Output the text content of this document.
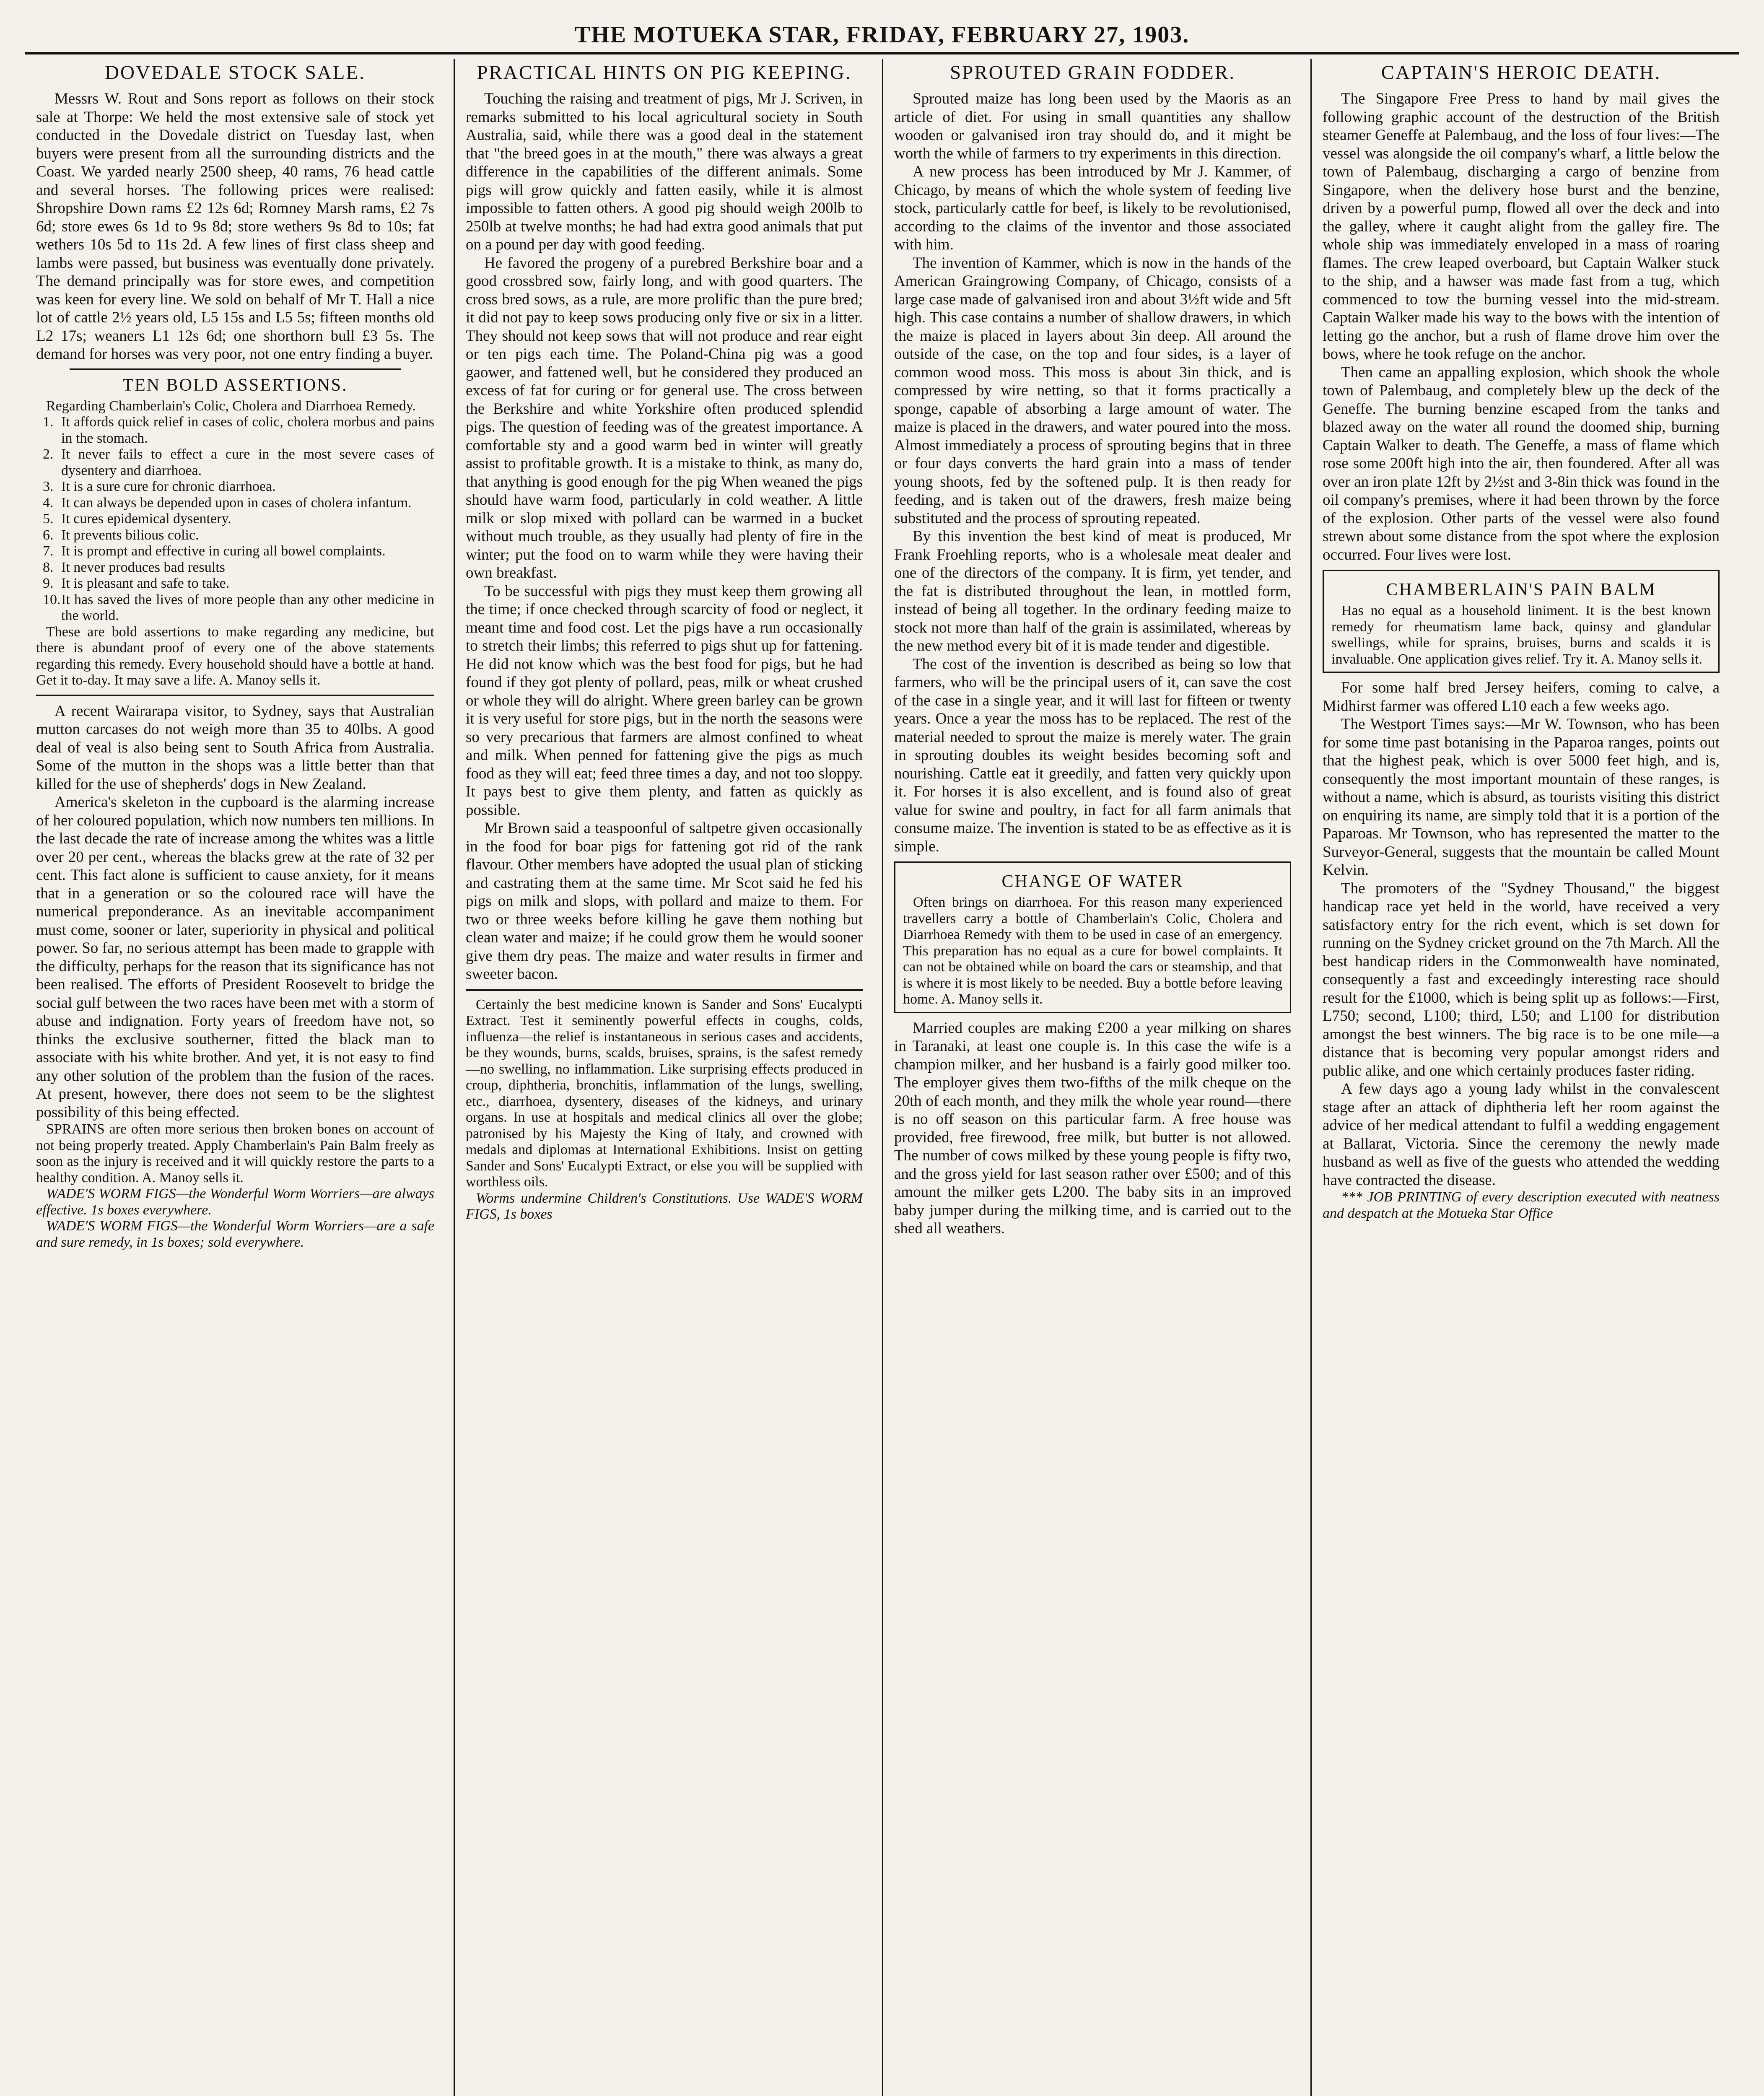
THE MOTUEKA STAR, FRIDAY, FEBRUARY 27, 1903.
DOVEDALE STOCK SALE.

Messrs W. Rout and Sons report as follows on their stock sale at Thorpe: We held the most extensive sale of stock yet conducted in the Dovedale district on Tuesday last, when buyers were present from all the surrounding districts and the Coast. We yarded nearly 2500 sheep, 40 rams, 76 head cattle and several horses. The following prices were realised: Shropshire Down rams £2 12s 6d; Romney Marsh rams, £2 7s 6d; store ewes 6s 1d to 9s 8d; store wethers 9s 8d to 10s; fat wethers 10s 5d to 11s 2d. A few lines of first class sheep and lambs were passed, but business was eventually done privately. The demand principally was for store ewes, and competition was keen for every line. We sold on behalf of Mr T. Hall a nice lot of cattle 2½ years old, L5 15s and L5 5s; fifteen months old L2 17s; weaners L1 12s 6d; one shorthorn bull £3 5s. The demand for horses was very poor, not one entry finding a buyer.

TEN BOLD ASSERTIONS.

Regarding Chamberlain's Colic, Cholera and Diarrhoea Remedy.

1. It affords quick relief in cases of colic, cholera morbus and pains in the stomach.

2. It never fails to effect a cure in the most severe cases of dysentery and diarrhoea.

3. It is a sure cure for chronic diarrhoea.

4. It can always be depended upon in cases of cholera infantum.

5. It cures epidemical dysentery.

6. It prevents bilious colic.

7. It is prompt and effective in curing all bowel complaints.

8. It never produces bad results

9. It is pleasant and safe to take.

10. It has saved the lives of more people than any other medicine in the world.

These are bold assertions to make regarding any medicine, but there is abundant proof of every one of the above statements regarding this remedy. Every household should have a bottle at hand. Get it to-day. It may save a life. A. Manoy sells it.

A recent Wairarapa visitor, to Sydney, says that Australian mutton carcases do not weigh more than 35 to 40lbs. A good deal of veal is also being sent to South Africa from Australia. Some of the mutton in the shops was a little better than that killed for the use of shepherds' dogs in New Zealand.

America's skeleton in the cupboard is the alarming increase of her coloured population, which now numbers ten millions. In the last decade the rate of increase among the whites was a little over 20 per cent., whereas the blacks grew at the rate of 32 per cent. This fact alone is sufficient to cause anxiety, for it means that in a generation or so the coloured race will have the numerical preponderance. As an inevitable accompaniment must come, sooner or later, superiority in physical and political power. So far, no serious attempt has been made to grapple with the difficulty, perhaps for the reason that its significance has not been realised. The efforts of President Roosevelt to bridge the social gulf between the two races have been met with a storm of abuse and indignation. Forty years of freedom have not, so thinks the exclusive southerner, fitted the black man to associate with his white brother. And yet, it is not easy to find any other solution of the problem than the fusion of the races. At present, however, there does not seem to be the slightest possibility of this being effected.

SPRAINS are often more serious then broken bones on account of not being properly treated. Apply Chamberlain's Pain Balm freely as soon as the injury is received and it will quickly restore the parts to a healthy condition. A. Manoy sells it.

WADE'S WORM FIGS—the Wonderful Worm Worriers—are always effective. 1s boxes everywhere.

WADE'S WORM FIGS—the Wonderful Worm Worriers—are a safe and sure remedy, in 1s boxes; sold everywhere.

PRACTICAL HINTS ON PIG KEEPING.

Touching the raising and treatment of pigs, Mr J. Scriven, in remarks submitted to his local agricultural society in South Australia, said, while there was a good deal in the statement that "the breed goes in at the mouth," there was always a great difference in the capabilities of the different animals. Some pigs will grow quickly and fatten easily, while it is almost impossible to fatten others. A good pig should weigh 200lb to 250lb at twelve months; he had had extra good animals that put on a pound per day with good feeding.

He favored the progeny of a purebred Berkshire boar and a good crossbred sow, fairly long, and with good quarters. The cross bred sows, as a rule, are more prolific than the pure bred; it did not pay to keep sows producing only five or six in a litter. They should not keep sows that will not produce and rear eight or ten pigs each time. The Poland-China pig was a good gaower, and fattened well, but he considered they produced an excess of fat for curing or for general use. The cross between the Berkshire and white Yorkshire often produced splendid pigs. The question of feeding was of the greatest importance. A comfortable sty and a good warm bed in winter will greatly assist to profitable growth. It is a mistake to think, as many do, that anything is good enough for the pig When weaned the pigs should have warm food, particularly in cold weather. A little milk or slop mixed with pollard can be warmed in a bucket without much trouble, as they usually had plenty of fire in the winter; put the food on to warm while they were having their own breakfast.

To be successful with pigs they must keep them growing all the time; if once checked through scarcity of food or neglect, it meant time and food cost. Let the pigs have a run occasionally to stretch their limbs; this referred to pigs shut up for fattening. He did not know which was the best food for pigs, but he had found if they got plenty of pollard, peas, milk or wheat crushed or whole they will do alright. Where green barley can be grown it is very useful for store pigs, but in the north the seasons were so very precarious that farmers are almost confined to wheat and milk. When penned for fattening give the pigs as much food as they will eat; feed three times a day, and not too sloppy. It pays best to give them plenty, and fatten as quickly as possible.

Mr Brown said a teaspoonful of saltpetre given occasionally in the food for boar pigs for fattening got rid of the rank flavour. Other members have adopted the usual plan of sticking and castrating them at the same time. Mr Scot said he fed his pigs on milk and slops, with pollard and maize to them. For two or three weeks before killing he gave them nothing but clean water and maize; if he could grow them he would sooner give them dry peas. The maize and water results in firmer and sweeter bacon.

Certainly the best medicine known is Sander and Sons' Eucalypti Extract. Test it seminently powerful effects in coughs, colds, influenza—the relief is instantaneous in serious cases and accidents, be they wounds, burns, scalds, bruises, sprains, is the safest remedy—no swelling, no inflammation. Like surprising effects produced in croup, diphtheria, bronchitis, inflammation of the lungs, swelling, etc., diarrhoea, dysentery, diseases of the kidneys, and urinary organs. In use at hospitals and medical clinics all over the globe; patronised by his Majesty the King of Italy, and crowned with medals and diplomas at International Exhibitions. Insist on getting Sander and Sons' Eucalypti Extract, or else you will be supplied with worthless oils.

Worms undermine Children's Constitutions. Use WADE'S WORM FIGS, 1s boxes

SPROUTED GRAIN FODDER.

Sprouted maize has long been used by the Maoris as an article of diet. For using in small quantities any shallow wooden or galvanised iron tray should do, and it might be worth the while of farmers to try experiments in this direction.

A new process has been introduced by Mr J. Kammer, of Chicago, by means of which the whole system of feeding live stock, particularly cattle for beef, is likely to be revolutionised, according to the claims of the inventor and those associated with him.

The invention of Kammer, which is now in the hands of the American Graingrowing Company, of Chicago, consists of a large case made of galvanised iron and about 3½ft wide and 5ft high. This case contains a number of shallow drawers, in which the maize is placed in layers about 3in deep. All around the outside of the case, on the top and four sides, is a layer of common wood moss. This moss is about 3in thick, and is compressed by wire netting, so that it forms practically a sponge, capable of absorbing a large amount of water. The maize is placed in the drawers, and water poured into the moss. Almost immediately a process of sprouting begins that in three or four days converts the hard grain into a mass of tender young shoots, fed by the softened pulp. It is then ready for feeding, and is taken out of the drawers, fresh maize being substituted and the process of sprouting repeated.

By this invention the best kind of meat is produced, Mr Frank Froehling reports, who is a wholesale meat dealer and one of the directors of the company. It is firm, yet tender, and the fat is distributed throughout the lean, in mottled form, instead of being all together. In the ordinary feeding maize to stock not more than half of the grain is assimilated, whereas by the new method every bit of it is made tender and digestible.

The cost of the invention is described as being so low that farmers, who will be the principal users of it, can save the cost of the case in a single year, and it will last for fifteen or twenty years. Once a year the moss has to be replaced. The rest of the material needed to sprout the maize is merely water. The grain in sprouting doubles its weight besides becoming soft and nourishing. Cattle eat it greedily, and fatten very quickly upon it. For horses it is also excellent, and is found also of great value for swine and poultry, in fact for all farm animals that consume maize. The invention is stated to be as effective as it is simple.

CHANGE OF WATER

Often brings on diarrhoea. For this reason many experienced travellers carry a bottle of Chamberlain's Colic, Cholera and Diarrhoea Remedy with them to be used in case of an emergency. This preparation has no equal as a cure for bowel complaints. It can not be obtained while on board the cars or steamship, and that is where it is most likely to be needed. Buy a bottle before leaving home. A. Manoy sells it.

Married couples are making £200 a year milking on shares in Taranaki, at least one couple is. In this case the wife is a champion milker, and her husband is a fairly good milker too. The employer gives them two-fifths of the milk cheque on the 20th of each month, and they milk the whole year round—there is no off season on this particular farm. A free house was provided, free firewood, free milk, but butter is not allowed. The number of cows milked by these young people is fifty two, and the gross yield for last season rather over £500; and of this amount the milker gets L200. The baby sits in an improved baby jumper during the milking time, and is carried out to the shed all weathers.

CAPTAIN'S HEROIC DEATH.

The Singapore Free Press to hand by mail gives the following graphic account of the destruction of the British steamer Geneffe at Palembaug, and the loss of four lives:—The vessel was alongside the oil company's wharf, a little below the town of Palembaug, discharging a cargo of benzine from Singapore, when the delivery hose burst and the benzine, driven by a powerful pump, flowed all over the deck and into the galley, where it caught alight from the galley fire. The whole ship was immediately enveloped in a mass of roaring flames. The crew leaped overboard, but Captain Walker stuck to the ship, and a hawser was made fast from a tug, which commenced to tow the burning vessel into the mid-stream. Captain Walker made his way to the bows with the intention of letting go the anchor, but a rush of flame drove him over the bows, where he took refuge on the anchor.

Then came an appalling explosion, which shook the whole town of Palembaug, and completely blew up the deck of the Geneffe. The burning benzine escaped from the tanks and blazed away on the water all round the doomed ship, burning Captain Walker to death. The Geneffe, a mass of flame which rose some 200ft high into the air, then foundered. After all was over an iron plate 12ft by 2½st and 3-8in thick was found in the oil company's premises, where it had been thrown by the force of the explosion. Other parts of the vessel were also found strewn about some distance from the spot where the explosion occurred. Four lives were lost.

CHAMBERLAIN'S PAIN BALM

Has no equal as a household liniment. It is the best known remedy for rheumatism lame back, quinsy and glandular swellings, while for sprains, bruises, burns and scalds it is invaluable. One application gives relief. Try it. A. Manoy sells it.

For some half bred Jersey heifers, coming to calve, a Midhirst farmer was offered L10 each a few weeks ago.

The Westport Times says:—Mr W. Townson, who has been for some time past botanising in the Paparoa ranges, points out that the highest peak, which is over 5000 feet high, and is, consequently the most important mountain of these ranges, is without a name, which is absurd, as tourists visiting this district on enquiring its name, are simply told that it is a portion of the Paparoas. Mr Townson, who has represented the matter to the Surveyor-General, suggests that the mountain be called Mount Kelvin.

The promoters of the "Sydney Thousand," the biggest handicap race yet held in the world, have received a very satisfactory entry for the rich event, which is set down for running on the Sydney cricket ground on the 7th March. All the best handicap riders in the Commonwealth have nominated, consequently a fast and exceedingly interesting race should result for the £1000, which is being split up as follows:—First, L750; second, L100; third, L50; and L100 for distribution amongst the best winners. The big race is to be one mile—a distance that is becoming very popular amongst riders and public alike, and one which certainly produces faster riding.

A few days ago a young lady whilst in the convalescent stage after an attack of diphtheria left her room against the advice of her medical attendant to fulfil a wedding engagement at Ballarat, Victoria. Since the ceremony the newly made husband as well as five of the guests who attended the wedding have contracted the disease.

*** JOB PRINTING of every description executed with neatness and despatch at the Motueka Star Office
